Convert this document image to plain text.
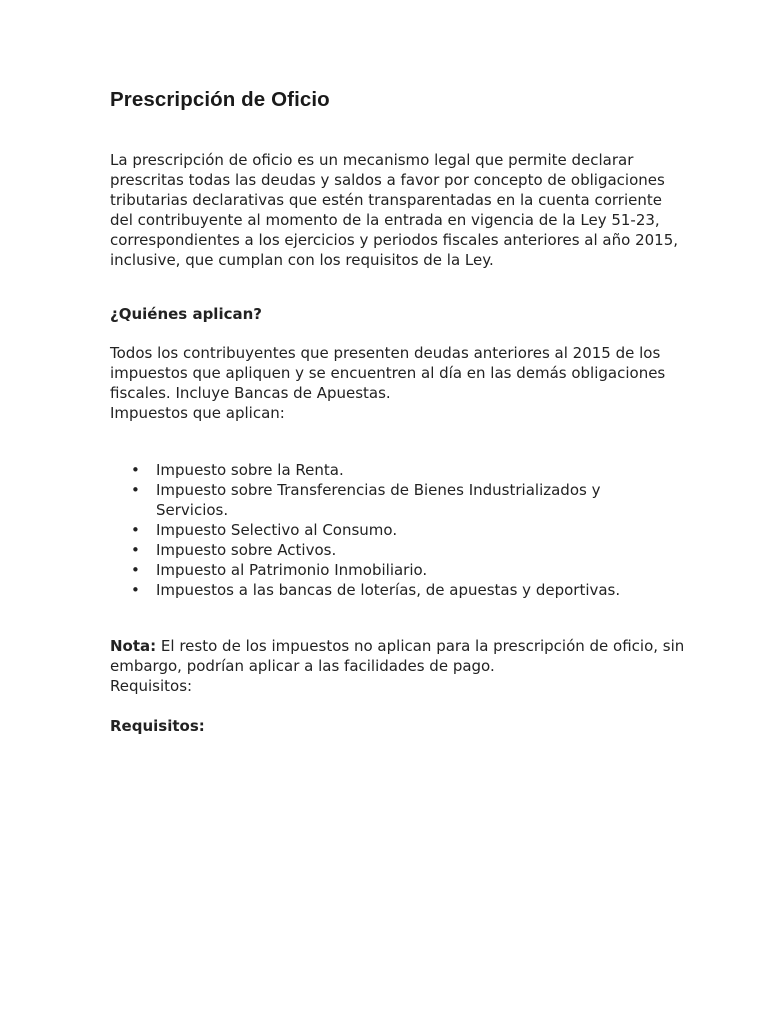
Prescripción de Oficio

La prescripción de oficio es un mecanismo legal que permite declarar
prescritas todas las deudas y saldos a favor por concepto de obligaciones
tributarias declarativas que estén transparentadas en la cuenta corriente
del contribuyente al momento de la entrada en vigencia de la Ley 51-23,
correspondientes a los ejercicios y periodos fiscales anteriores al año 2015,
inclusive, que cumplan con los requisitos de la Ley.

¿Quiénes aplican?

Todos los contribuyentes que presenten deudas anteriores al 2015 de los
impuestos que apliquen y se encuentren al día en las demás obligaciones
fiscales. Incluye Bancas de Apuestas.
Impuestos que aplican:

• Impuesto sobre la Renta.
• Impuesto sobre Transferencias de Bienes Industrializados y
Servicios.
• Impuesto Selectivo al Consumo.
• Impuesto sobre Activos.
• Impuesto al Patrimonio Inmobiliario.
• Impuestos a las bancas de loterías, de apuestas y deportivas.

Nota: El resto de los impuestos no aplican para la prescripción de oficio, sin
embargo, podrían aplicar a las facilidades de pago.
Requisitos:

Requisitos:
